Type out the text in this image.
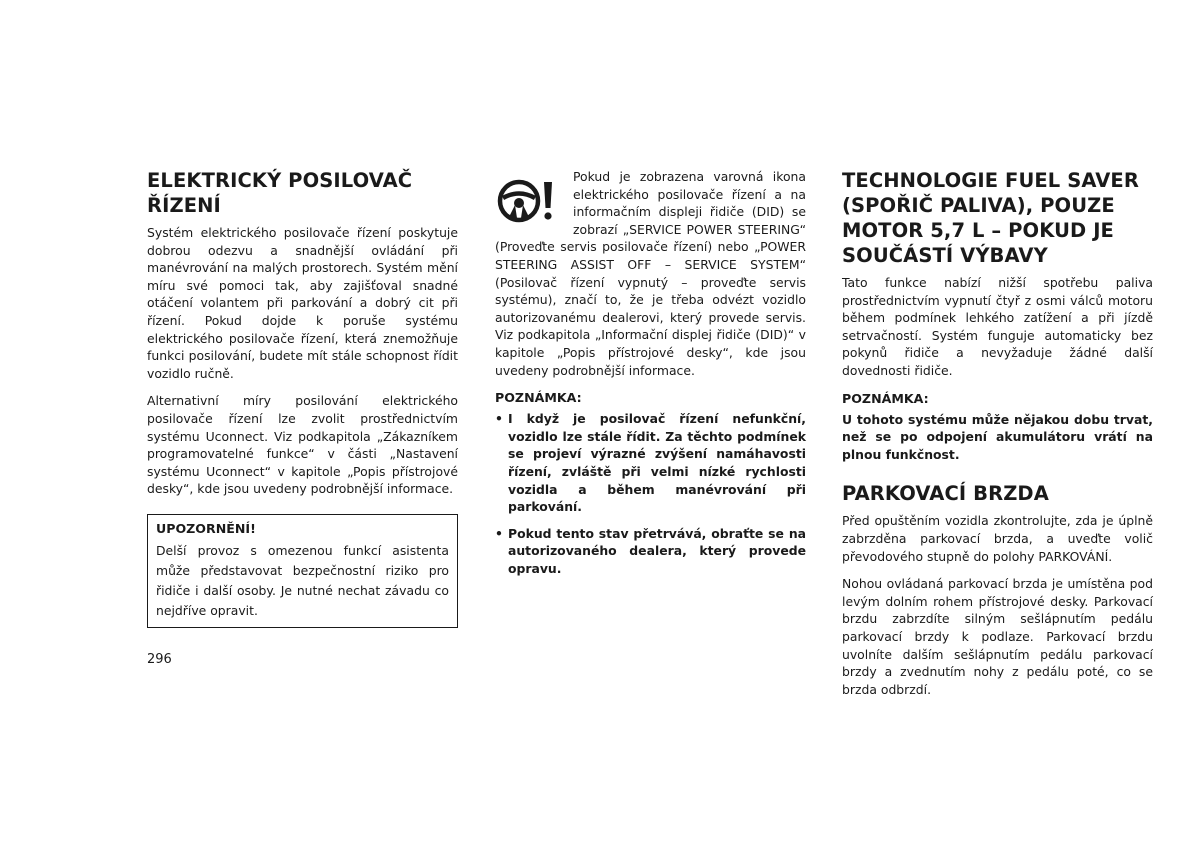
ELEKTRICKÝ POSILOVAČ
ŘÍZENÍ

Systém elektrického posilovače řízení poskytuje dobrou odezvu a snadnější ovládání při manévrování na malých prostorech. Systém mění míru své pomoci tak, aby zajišťoval snadné otáčení volantem při parkování a dobrý cit při řízení. Pokud dojde k poruše systému elektrického posilovače řízení, která znemožňuje funkci posilování, budete mít stále schopnost řídit vozidlo ručně.

Alternativní míry posilování elektrického posilovače řízení lze zvolit prostřednictvím systému Uconnect. Viz podkapitola „Zákazníkem programovatelné funkce“ v části „Nastavení systému Uconnect“ v kapitole „Popis přístrojové desky“, kde jsou uvedeny podrobnější informace.

UPOZORNĚNÍ!

Delší provoz s omezenou funkcí asistenta může představovat bezpečnostní riziko pro řidiče i další osoby. Je nutné nechat závadu co nejdříve opravit.

Pokud je zobrazena varovná ikona elektrického posilovače řízení a na informačním displeji řidiče (DID) se zobrazí „SERVICE POWER STEERING“ (Proveďte servis posilovače řízení) nebo „POWER STEERING ASSIST OFF – SERVICE SYSTEM“ (Posilovač řízení vypnutý – proveďte servis systému), značí to, že je třeba odvézt vozidlo autorizovanému dealerovi, který provede servis. Viz podkapitola „Informační displej řidiče (DID)“ v kapitole „Popis přístrojové desky“, kde jsou uvedeny podrobnější informace.

POZNÁMKA:
• I když je posilovač řízení nefunkční, vozidlo lze stále řídit. Za těchto podmínek se projeví výrazné zvýšení namáhavosti řízení, zvláště při velmi nízké rychlosti vozidla a během manévrování při parkování.
• Pokud tento stav přetrvává, obraťte se na autorizovaného dealera, který provede opravu.
TECHNOLOGIE FUEL SAVER
(SPOŘIČ PALIVA), POUZE
MOTOR 5,7 L – POKUD JE
SOUČÁSTÍ VÝBAVY

Tato funkce nabízí nižší spotřebu paliva prostřednictvím vypnutí čtyř z osmi válců motoru během podmínek lehkého zatížení a při jízdě setrvačností. Systém funguje automaticky bez pokynů řidiče a nevyžaduje žádné další dovednosti řidiče.

POZNÁMKA:

U tohoto systému může nějakou dobu trvat, než se po odpojení akumulátoru vrátí na plnou funkčnost.

PARKOVACÍ BRZDA

Před opuštěním vozidla zkontrolujte, zda je úplně zabrzděna parkovací brzda, a uveďte volič převodového stupně do polohy PARKOVÁNÍ.

Nohou ovládaná parkovací brzda je umístěna pod levým dolním rohem přístrojové desky. Parkovací brzdu zabrzdíte silným sešlápnutím pedálu parkovací brzdy k podlaze. Parkovací brzdu uvolníte dalším sešlápnutím pedálu parkovací brzdy a zvednutím nohy z pedálu poté, co se brzda odbrzdí.

296
